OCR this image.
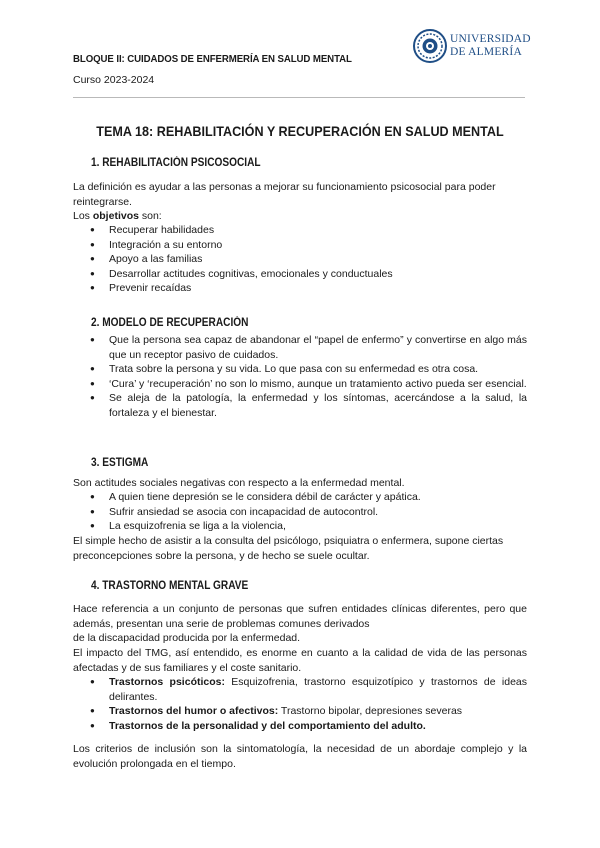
BLOQUE II: CUIDADOS DE ENFERMERÍA EN SALUD MENTAL
Curso 2023-2024
UNIVERSIDAD
DE ALMERÍA
TEMA 18: REHABILITACIÓN Y RECUPERACIÓN EN SALUD MENTAL
1. REHABILITACIÓN PSICOSOCIAL
La definición es ayudar a las personas a mejorar su funcionamiento psicosocial para poder reintegrarse.
Los objetivos son:
● Recuperar habilidades
● Integración a su entorno
● Apoyo a las familias
● Desarrollar actitudes cognitivas, emocionales y conductuales
● Prevenir recaídas
2. MODELO DE RECUPERACIÓN
● Que la persona sea capaz de abandonar el “papel de enfermo” y convertirse en algo más que un receptor pasivo de cuidados.
● Trata sobre la persona y su vida. Lo que pasa con su enfermedad es otra cosa.
● ‘Cura’ y ‘recuperación’ no son lo mismo, aunque un tratamiento activo pueda ser esencial.
● Se aleja de la patología, la enfermedad y los síntomas, acercándose a la salud, la fortaleza y el bienestar.
3. ESTIGMA
Son actitudes sociales negativas con respecto a la enfermedad mental.
● A quien tiene depresión se le considera débil de carácter y apática.
● Sufrir ansiedad se asocia con incapacidad de autocontrol.
● La esquizofrenia se liga a la violencia,
El simple hecho de asistir a la consulta del psicólogo, psiquiatra o enfermera, supone ciertas preconcepciones sobre la persona, y de hecho se suele ocultar.
4. TRASTORNO MENTAL GRAVE
Hace referencia a un conjunto de personas que sufren entidades clínicas diferentes, pero que además, presentan una serie de problemas comunes derivados
de la discapacidad producida por la enfermedad.
El impacto del TMG, así entendido, es enorme en cuanto a la calidad de vida de las personas afectadas y de sus familiares y el coste sanitario.
● Trastornos psicóticos: Esquizofrenia, trastorno esquizotípico y trastornos de ideas delirantes.
● Trastornos del humor o afectivos: Trastorno bipolar, depresiones severas
● Trastornos de la personalidad y del comportamiento del adulto.
Los criterios de inclusión son la sintomatología, la necesidad de un abordaje complejo y la evolución prolongada en el tiempo.
